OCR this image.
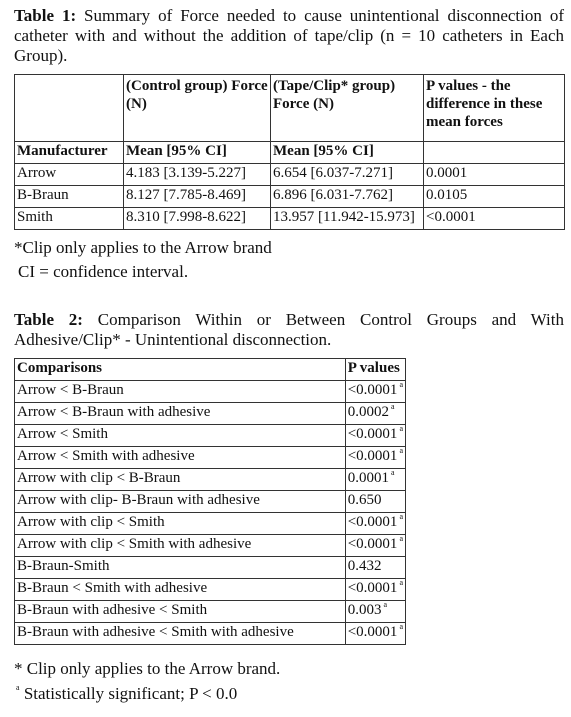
Table 1: Summary of Force needed to cause unintentional disconnection of catheter with and without the addition of tape/clip (n = 10 catheters in Each Group).
	(Control group) Force (N)	(Tape/Clip* group) Force (N)	P values - the difference in these mean forces
Manufacturer	Mean [95% CI]	Mean [95% CI]	
Arrow	4.183 [3.139-5.227]	6.654 [6.037-7.271]	0.0001
B-Braun	8.127 [7.785-8.469]	6.896 [6.031-7.762]	0.0105
Smith	8.310 [7.998-8.622]	13.957 [11.942-15.973]	<0.0001
*Clip only applies to the Arrow brand
CI = confidence interval.
Table 2: Comparison Within or Between Control Groups and With Adhesive/Clip* - Unintentional disconnection.
Comparisons	P values
Arrow < B-Braun	<0.0001 $^a$
Arrow < B-Braun with adhesive	0.0002 $^a$
Arrow < Smith	<0.0001 $^a$
Arrow < Smith with adhesive	<0.0001 $^a$
Arrow with clip < B-Braun	0.0001 $^a$
Arrow with clip- B-Braun with adhesive	0.650
Arrow with clip < Smith	<0.0001 $^a$
Arrow with clip < Smith with adhesive	<0.0001 $^a$
B-Braun-Smith	0.432
B-Braun < Smith with adhesive	<0.0001 $^a$
B-Braun with adhesive < Smith	0.003 $^a$
B-Braun with adhesive < Smith with adhesive	<0.0001 $^a$
* Clip only applies to the Arrow brand.
$^a$ Statistically significant; P < 0.0
